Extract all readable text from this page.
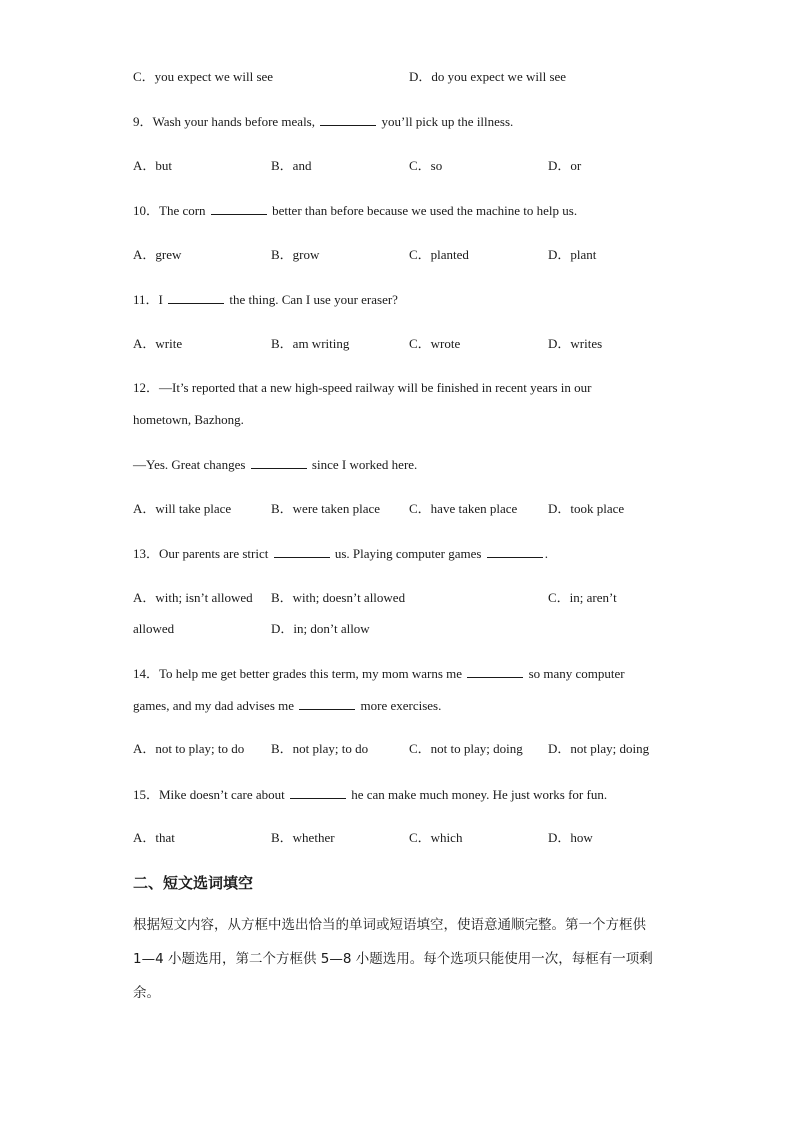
C．you expect we will see	D．do you expect we will see
9．Wash your hands before meals,	you’ll pick up the illness.
A．but	B．and	C．so	D．or
10．The corn	better than before because we used the machine to help us.
A．grew	B．grow	C．planted	D．plant
11．I	the thing. Can I use your eraser?
A．write	B．am writing	C．wrote	D．writes
12．—It’s reported that a new high-speed railway will be finished in recent years in our
hometown, Bazhong.
—Yes. Great changes	since I worked here.
A．will take place	B．were taken place C．have taken place D．took place
13．Our parents are strict	us. Playing computer games	.
A．with; isn’t allowed B．with; doesn’t allowed	C．in; aren’t
allowed	D．in; don’t allow
14．To help me get better grades this term, my mom warns me	so many computer
games, and my dad advises me	more exercises.
A．not to play; to do B．not play; to do	C．not to play; doing D．not play; doing
15．Mike doesn’t care about	he can make much money. He just works for fun.
A．that	B．whether	C．which	D．how
二、短文选词填空
根据短文内容，从方框中选出恰当的单词或短语填空，使语意通顺完整。第一个方框供
1—4 小题选用，第二个方框供 5—8 小题选用。每个选项只能使用一次，每框有一项剩
余。
